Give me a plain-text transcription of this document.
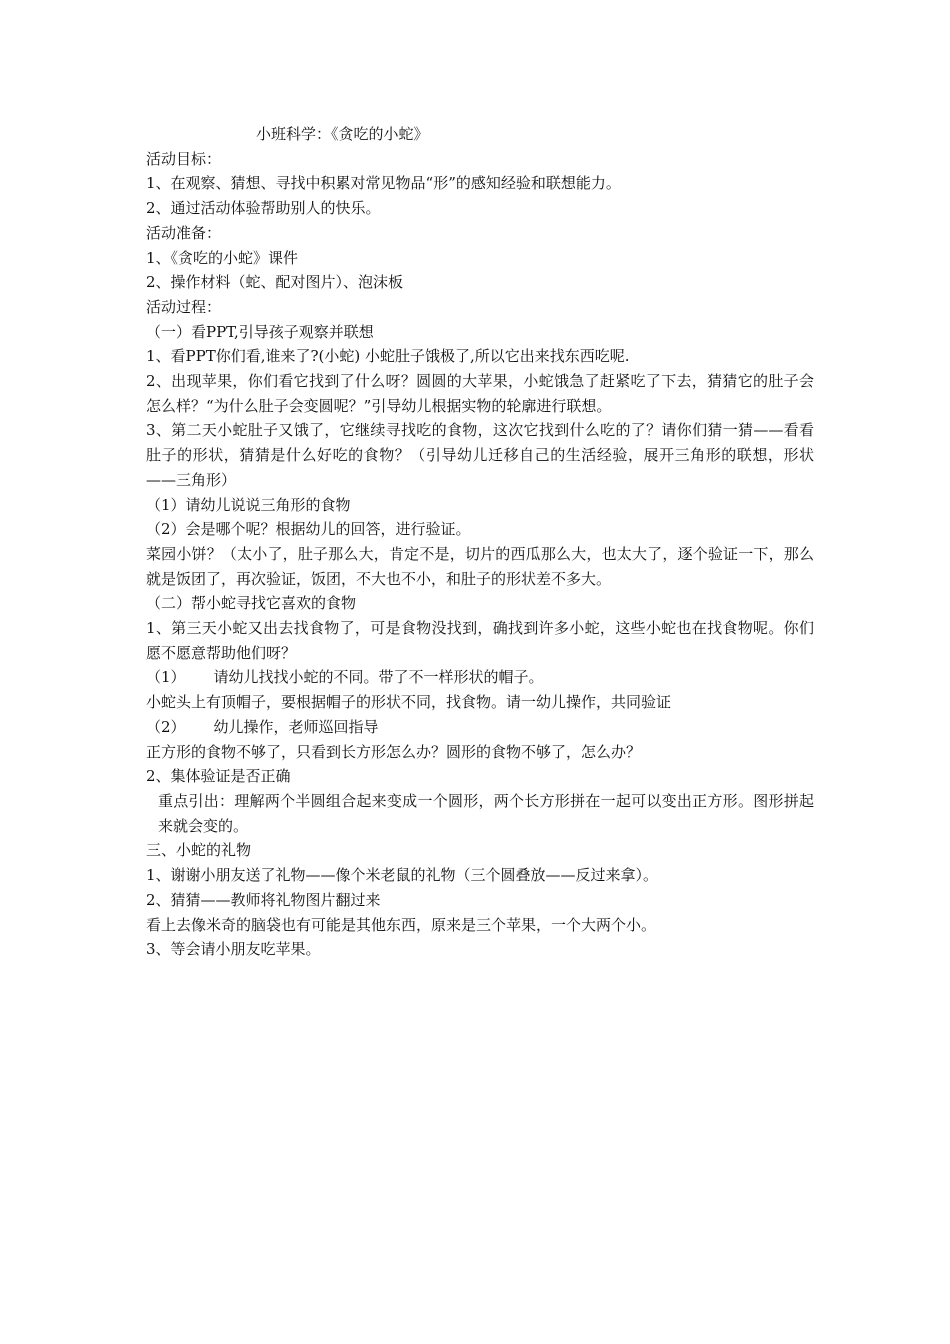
小班科学：《贪吃的小蛇》

活动目标：

1、在观察、猜想、寻找中积累对常见物品“形”的感知经验和联想能力。

2、通过活动体验帮助别人的快乐。

活动准备：

1、《贪吃的小蛇》课件

2、操作材料（蛇、配对图片）、泡沫板

活动过程：

（一）看PPT,引导孩子观察并联想

1、看PPT你们看,谁来了?(小蛇) 小蛇肚子饿极了,所以它出来找东西吃呢.

2、出现苹果，你们看它找到了什么呀？圆圆的大苹果，小蛇饿急了赶紧吃了下去，猜猜它的肚子会怎么样？“为什么肚子会变圆呢？”引导幼儿根据实物的轮廓进行联想。

3、第二天小蛇肚子又饿了，它继续寻找吃的食物，这次它找到什么吃的了？请你们猜一猜——看看肚子的形状，猜猜是什么好吃的食物？（引导幼儿迁移自己的生活经验，展开三角形的联想，形状——三角形）

（1）请幼儿说说三角形的食物

（2）会是哪个呢？根据幼儿的回答，进行验证。

菜园小饼？（太小了，肚子那么大，肯定不是，切片的西瓜那么大，也太大了，逐个验证一下，那么就是饭团了，再次验证，饭团，不大也不小，和肚子的形状差不多大。

（二）帮小蛇寻找它喜欢的食物

1、第三天小蛇又出去找食物了，可是食物没找到，确找到许多小蛇，这些小蛇也在找食物呢。你们愿不愿意帮助他们呀？

（1） 请幼儿找找小蛇的不同。带了不一样形状的帽子。

小蛇头上有顶帽子，要根据帽子的形状不同，找食物。请一幼儿操作，共同验证

（2） 幼儿操作，老师巡回指导

正方形的食物不够了，只看到长方形怎么办？圆形的食物不够了，怎么办？

2、集体验证是否正确

重点引出：理解两个半圆组合起来变成一个圆形，两个长方形拼在一起可以变出正方形。图形拼起来就会变的。

三、小蛇的礼物

1、谢谢小朋友送了礼物——像个米老鼠的礼物（三个圆叠放——反过来拿）。

2、猜猜——教师将礼物图片翻过来

看上去像米奇的脑袋也有可能是其他东西，原来是三个苹果，一个大两个小。

3、等会请小朋友吃苹果。
